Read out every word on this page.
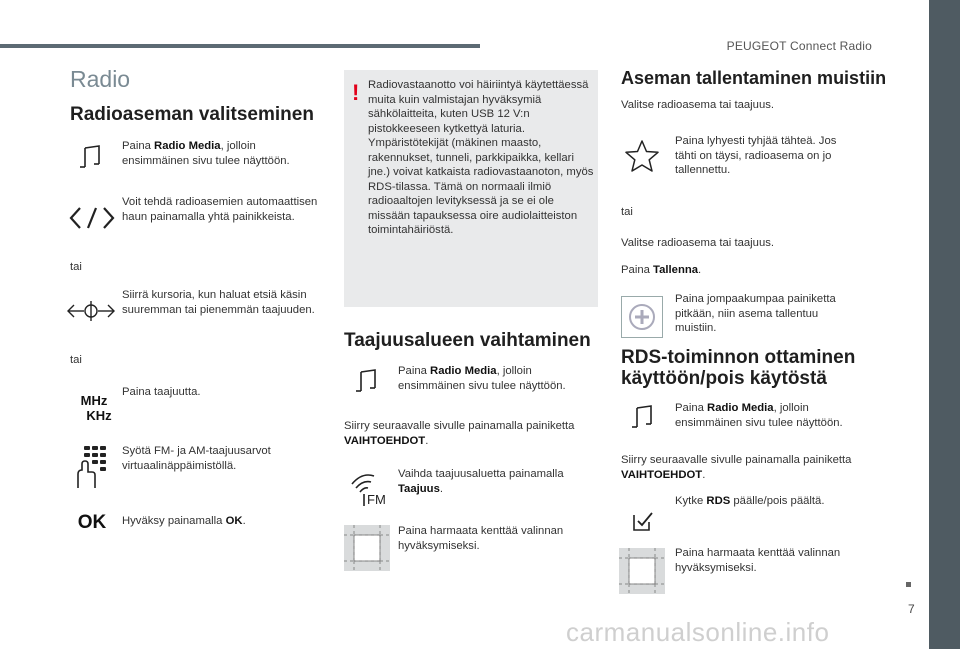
PEUGEOT Connect Radio
7
carmanualsonline.info
Radio
Radioaseman valitseminen
Paina Radio Media, jolloin ensimmäinen sivu tulee näyttöön.
Voit tehdä radioasemien automaattisen haun painamalla yhtä painikkeista.
tai
Siirrä kursoria, kun haluat etsiä käsin suuremman tai pienemmän taajuuden.
tai
MHz
KHz
Paina taajuutta.
Syötä FM- ja AM-taajuusarvot virtuaalinäppäimistöllä.
OK Hyväksy painamalla OK.
! Radiovastaanotto voi häiriintyä käytettäessä muita kuin valmistajan hyväksymiä sähkölaitteita, kuten USB 12 V:n pistokkeeseen kytkettyä laturia. Ympäristötekijät (mäkinen maasto, rakennukset, tunneli, parkkipaikka, kellari jne.) voivat katkaista radiovastaanoton, myös RDS-tilassa. Tämä on normaali ilmiö radioaaltojen levityksessä ja se ei ole missään tapauksessa oire audiolaitteiston toimintahäiriöstä.
Taajuusalueen vaihtaminen
Paina Radio Media, jolloin ensimmäinen sivu tulee näyttöön.
Siirry seuraavalle sivulle painamalla painiketta VAIHTOEHDOT.
FM
Vaihda taajuusaluetta painamalla Taajuus.
Paina harmaata kenttää valinnan hyväksymiseksi.
Aseman tallentaminen muistiin
Valitse radioasema tai taajuus.
Paina lyhyesti tyhjää tähteä. Jos tähti on täysi, radioasema on jo tallennettu.
tai
Valitse radioasema tai taajuus.
Paina Tallenna.
Paina jompaakumpaa painiketta pitkään, niin asema tallentuu muistiin.
RDS-toiminnon ottaminen
käyttöön/pois käytöstä
Paina Radio Media, jolloin ensimmäinen sivu tulee näyttöön.
Siirry seuraavalle sivulle painamalla painiketta VAIHTOEHDOT.
Kytke RDS päälle/pois päältä.
Paina harmaata kenttää valinnan hyväksymiseksi.
